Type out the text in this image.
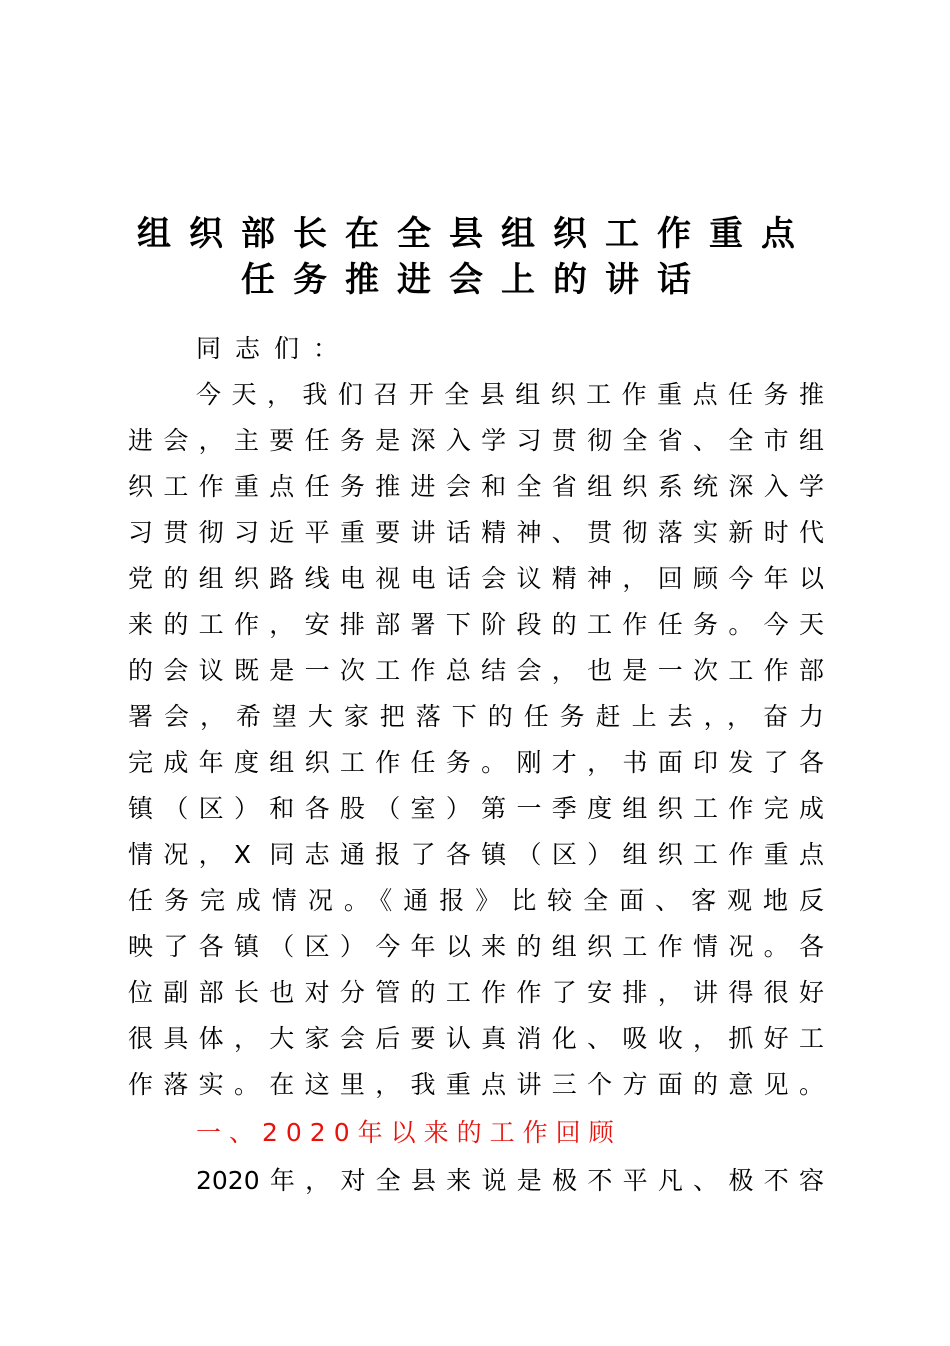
组织部长在全县组织工作重点
任务推进会上的讲话
同志们：
今天，我们召开全县组织工作重点任务推
进会，主要任务是深入学习贯彻全省、全市组
织工作重点任务推进会和全省组织系统深入学
习贯彻习近平重要讲话精神、贯彻落实新时代
党的组织路线电视电话会议精神，回顾今年以
来的工作，安排部署下阶段的工作任务。今天
的会议既是一次工作总结会，也是一次工作部
署会，希望大家把落下的任务赶上去，，奋力
完成年度组织工作任务。刚才，书面印发了各
镇（区）和各股（室）第一季度组织工作完成
情况，X 同志通报了各镇（区）组织工作重点
任务完成情况。《通报》比较全面、客观地反
映了各镇（区）今年以来的组织工作情况。各
位副部长也对分管的工作作了安排，讲得很好
很具体，大家会后要认真消化、吸收，抓好工
作落实。在这里，我重点讲三个方面的意见。
一、2020年以来的工作回顾
2020年，对全县来说是极不平凡、极不容
